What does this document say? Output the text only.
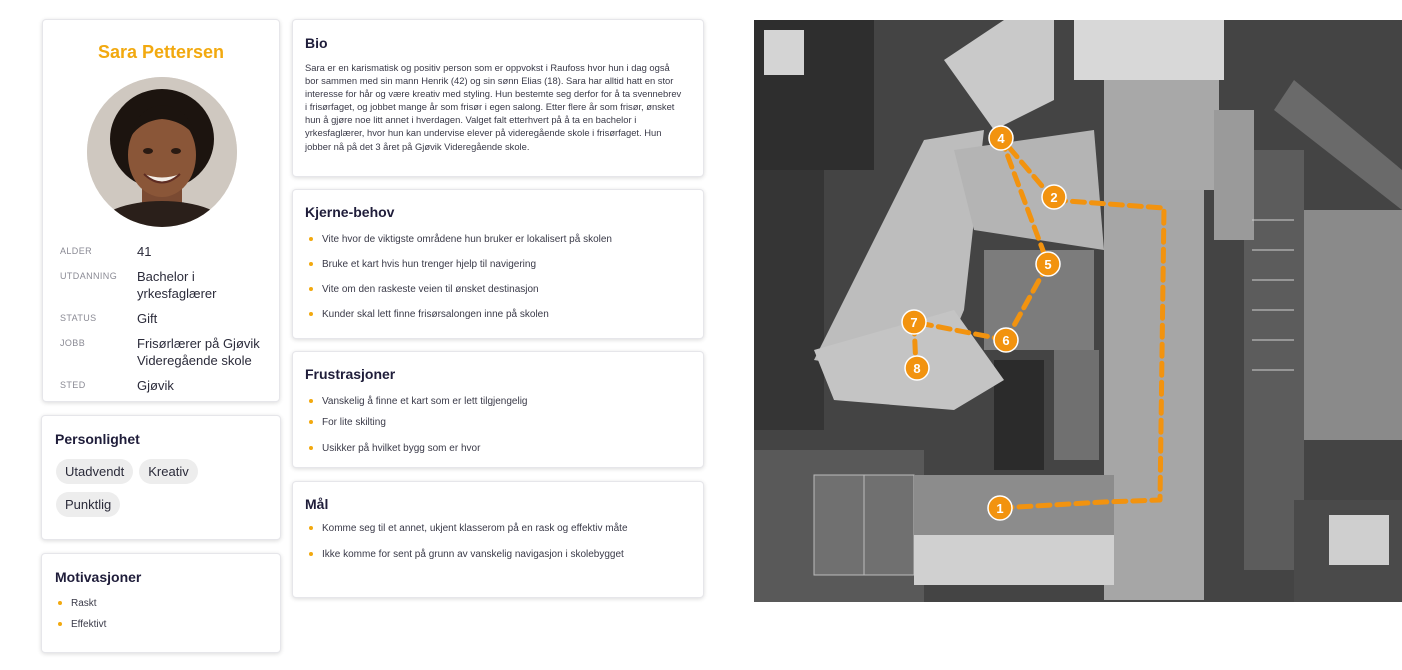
Sara Pettersen
ALDER	41
UTDANNING	Bachelor i yrkesfaglærer
STATUS	Gift
JOBB	Frisørlærer på Gjøvik Videregående skole
STED	Gjøvik
Personlighet
Utadvendt	Kreativ
Punktlig
Motivasjoner
Raskt
Effektivt
Bio

Sara er en karismatisk og positiv person som er oppvokst i Raufoss hvor hun i dag også bor sammen med sin mann Henrik (42) og sin sønn Elias (18). Sara har alltid hatt en stor interesse for hår og være kreativ med styling. Hun bestemte seg derfor for å ta svennebrev i frisørfaget, og jobbet mange år som frisør i egen salong. Etter flere år som frisør, ønsket hun å gjøre noe litt annet i hverdagen. Valget falt etterhvert på å ta en bachelor i yrkesfaglærer, hvor hun kan undervise elever på videregående skole i frisørfaget. Hun jobber nå på det 3 året på Gjøvik Videregående skole.

Kjerne-behov
Vite hvor de viktigste områdene hun bruker er lokalisert på skolen
Bruke et kart hvis hun trenger hjelp til navigering
Vite om den raskeste veien til ønsket destinasjon
Kunder skal lett finne frisørsalongen inne på skolen
Frustrasjoner
Vanskelig å finne et kart som er lett tilgjengelig
For lite skilting
Usikker på hvilket bygg som er hvor
Mål
Komme seg til et annet, ukjent klasserom på en rask og effektiv måte
Ikke komme for sent på grunn av vanskelig navigasjon i skolebygget
1
2
4
5
6
7
8
